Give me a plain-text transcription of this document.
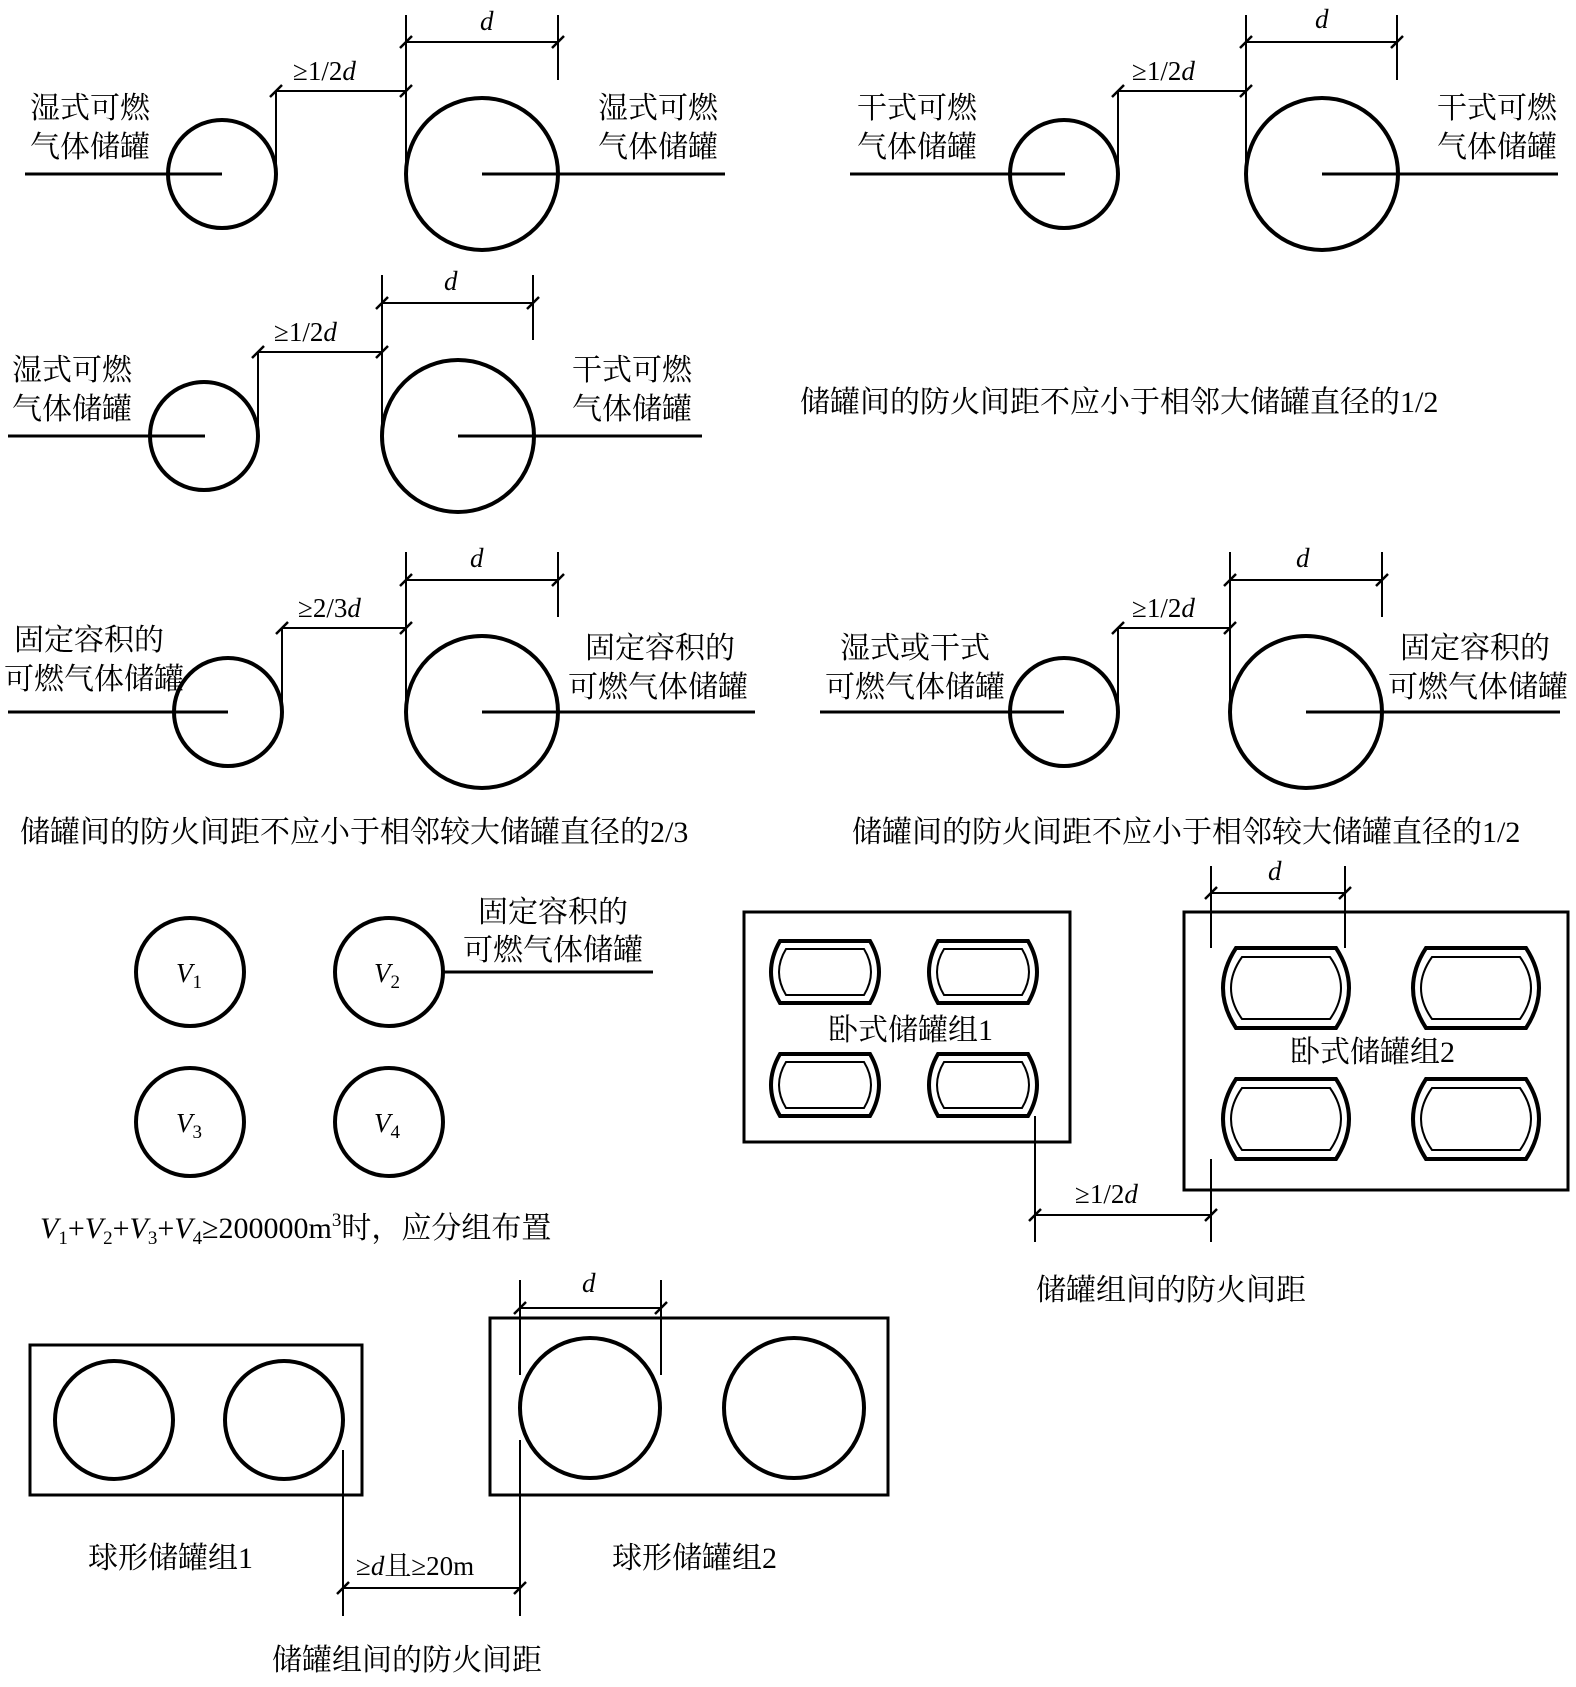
≥1/2d
d
湿式可燃
气体储罐
湿式可燃
气体储罐
≥1/2d
d
干式可燃
气体储罐
干式可燃
气体储罐
≥1/2d
d
湿式可燃
气体储罐
干式可燃
气体储罐	储罐间的防火间距不应小于相邻大储罐直径的1/2
≥2/3d
d
固定容积的
可燃气体储罐
固定容积的
可燃气体储罐
储罐间的防火间距不应小于相邻较大储罐直径的2/3
≥1/2d
d
湿式或干式
可燃气体储罐
固定容积的
可燃气体储罐
储罐间的防火间距不应小于相邻较大储罐直径的1/2
$V_1$	$V_2$
$V_3$	$V_4$
固定容积的
可燃气体储罐
$V_1+V_2+V_3+V_4\ge 200000m^3$时，应分组布置
卧式储罐组1
卧式储罐组2
d
≥1/2d
储罐组间的防火间距
球形储罐组1	球形储罐组2
d
≥d且≥20m
储罐组间的防火间距
